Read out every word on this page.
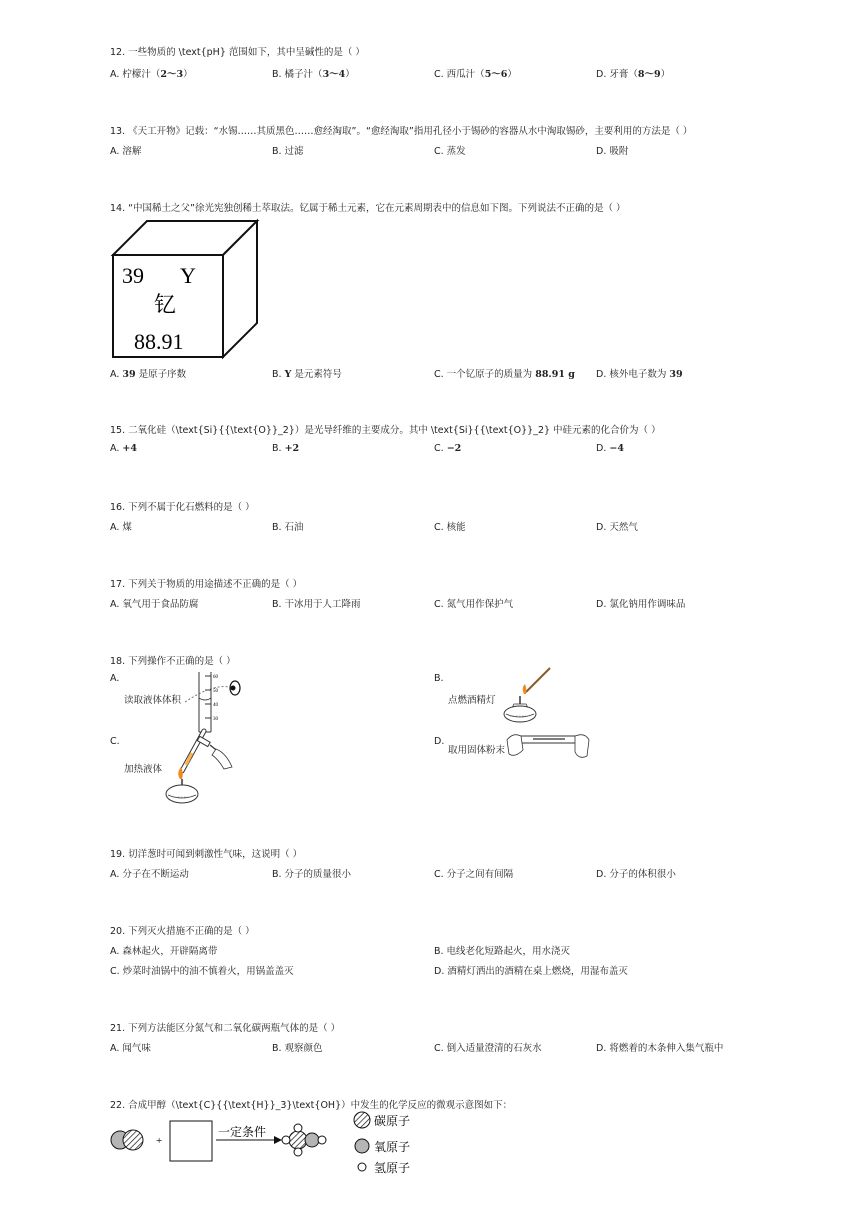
12. 一些物质的 \text{pH} 范围如下，其中呈碱性的是（ ）
A. 柠檬汁（2～3）	B. 橘子汁（3～4）	C. 西瓜汁（5～6）	D. 牙膏（8～9）
13. 《天工开物》记载：“水锡……其质黑色……愈经淘取”。“愈经淘取”指用孔径小于锡砂的容器从水中淘取锡砂，主要利用的方法是（ ）
A. 溶解	B. 过滤	C. 蒸发	D. 吸附
14. “中国稀土之父”徐光宪独创稀土萃取法。钇属于稀土元素，它在元素周期表中的信息如下图。下列说法不正确的是（ ）
39 Y
钇
88.91
A. 39 是原子序数	B. Y 是元素符号	C. 一个钇原子的质量为 88.91 g D. 核外电子数为 39
15. 二氧化硅（\text{Si}{{\text{O}}_2}）是光导纤维的主要成分。其中 \text{Si}{{\text{O}}_2} 中硅元素的化合价为（ ）
A. +4	B. +2	C. −2	D. −4
16. 下列不属于化石燃料的是（ ）
A. 煤	B. 石油	C. 核能	D. 天然气
17. 下列关于物质的用途描述不正确的是（ ）
A. 氧气用于食品防腐	B. 干冰用于人工降雨	C. 氮气用作保护气	D. 氯化钠用作调味品
18. 下列操作不正确的是（ ）
A.
读取液体体积
60
50
40
30
B.
点燃酒精灯
C.
加热液体
D.
取用固体粉末
19. 切洋葱时可闻到刺激性气味，这说明（ ）
A. 分子在不断运动	B. 分子的质量很小	C. 分子之间有间隔	D. 分子的体积很小
20. 下列灭火措施不正确的是（ ）
A. 森林起火，开辟隔离带	B. 电线老化短路起火，用水浇灭
C. 炒菜时油锅中的油不慎着火，用锅盖盖灭	D. 酒精灯洒出的酒精在桌上燃烧，用湿布盖灭
21. 下列方法能区分氮气和二氧化碳两瓶气体的是（ ）
A. 闻气味	B. 观察颜色	C. 倒入适量澄清的石灰水	D. 将燃着的木条伸入集气瓶中
22. 合成甲醇（\text{C}{{\text{H}}_3}\text{OH}）中发生的化学反应的微观示意图如下：
+
一定条件
碳原子
氧原子
氢原子
